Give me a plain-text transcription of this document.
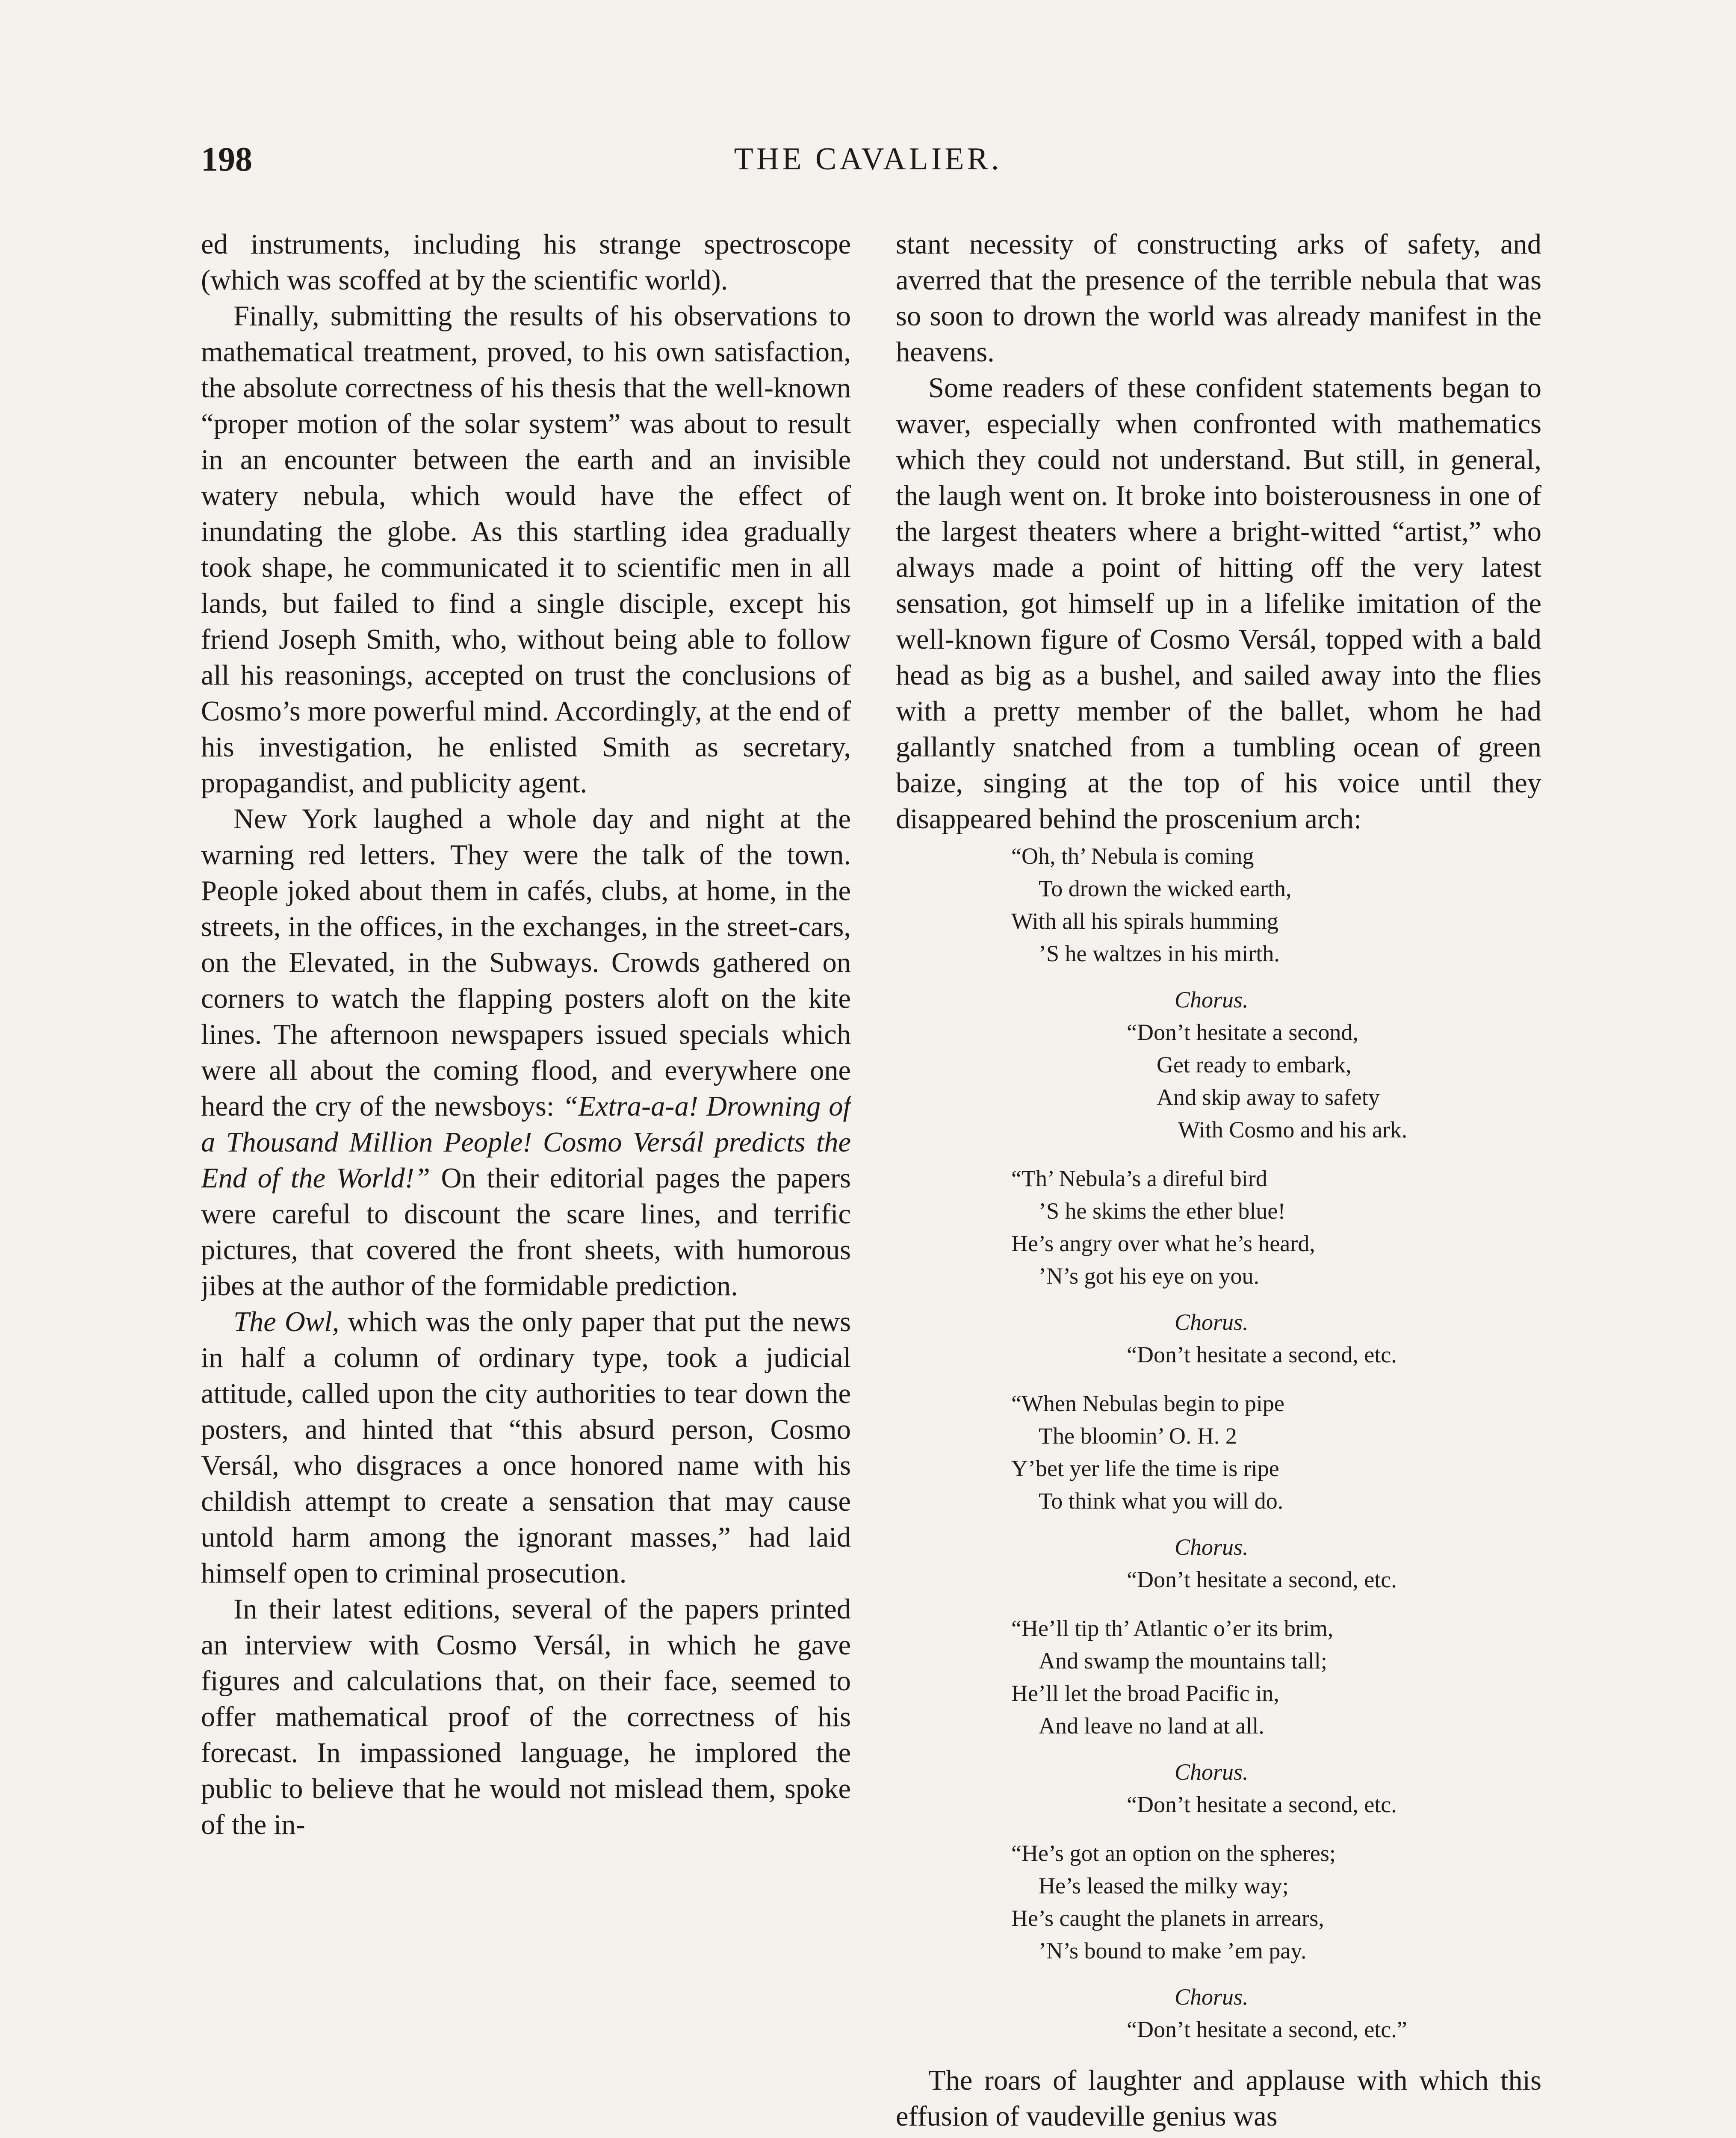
198	THE CAVALIER.

ed instruments, including his strange spectroscope (which was scoffed at by the scientific world).

Finally, submitting the results of his observations to mathematical treatment, proved, to his own satisfaction, the absolute correctness of his thesis that the well-known “proper motion of the solar system” was about to result in an encounter between the earth and an invisible watery nebula, which would have the effect of inundating the globe. As this startling idea gradually took shape, he communicated it to scientific men in all lands, but failed to find a single disciple, except his friend Joseph Smith, who, without being able to follow all his reasonings, accepted on trust the conclusions of Cosmo’s more powerful mind. Accordingly, at the end of his investigation, he enlisted Smith as secretary, propagandist, and publicity agent.

New York laughed a whole day and night at the warning red letters. They were the talk of the town. People joked about them in cafés, clubs, at home, in the streets, in the offices, in the exchanges, in the street-cars, on the Elevated, in the Subways. Crowds gathered on corners to watch the flapping posters aloft on the kite lines. The afternoon newspapers issued specials which were all about the coming flood, and everywhere one heard the cry of the newsboys: “Extra-a-a! Drowning of a Thousand Million People! Cosmo Versál predicts the End of the World!” On their editorial pages the papers were careful to discount the scare lines, and terrific pictures, that covered the front sheets, with humorous jibes at the author of the formidable prediction.

The Owl, which was the only paper that put the news in half a column of ordinary type, took a judicial attitude, called upon the city authorities to tear down the posters, and hinted that “this absurd person, Cosmo Versál, who disgraces a once honored name with his childish attempt to create a sensation that may cause untold harm among the ignorant masses,” had laid himself open to criminal prosecution.

In their latest editions, several of the papers printed an interview with Cosmo Versál, in which he gave figures and calculations that, on their face, seemed to offer mathematical proof of the correctness of his forecast. In impassioned language, he implored the public to believe that he would not mislead them, spoke of the in-

stant necessity of constructing arks of safety, and averred that the presence of the terrible nebula that was so soon to drown the world was already manifest in the heavens.

Some readers of these confident statements began to waver, especially when confronted with mathematics which they could not understand. But still, in general, the laugh went on. It broke into boisterousness in one of the largest theaters where a bright-witted “artist,” who always made a point of hitting off the very latest sensation, got himself up in a lifelike imitation of the well-known figure of Cosmo Versál, topped with a bald head as big as a bushel, and sailed away into the flies with a pretty member of the ballet, whom he had gallantly snatched from a tumbling ocean of green baize, singing at the top of his voice until they disappeared behind the proscenium arch:

“Oh, th’ Nebula is coming
To drown the wicked earth,
With all his spirals humming
’S he waltzes in his mirth.
Chorus.
“Don’t hesitate a second,
Get ready to embark,
And skip away to safety
With Cosmo and his ark.
“Th’ Nebula’s a direful bird
’S he skims the ether blue!
He’s angry over what he’s heard,
’N’s got his eye on you.
Chorus.
“Don’t hesitate a second, etc.
“When Nebulas begin to pipe
The bloomin’ O. H. 2
Y’bet yer life the time is ripe
To think what you will do.
Chorus.
“Don’t hesitate a second, etc.
“He’ll tip th’ Atlantic o’er its brim,
And swamp the mountains tall;
He’ll let the broad Pacific in,
And leave no land at all.
Chorus.
“Don’t hesitate a second, etc.
“He’s got an option on the spheres;
He’s leased the milky way;
He’s caught the planets in arrears,
’N’s bound to make ’em pay.
Chorus.
“Don’t hesitate a second, etc.”

The roars of laughter and applause with which this effusion of vaudeville genius was
